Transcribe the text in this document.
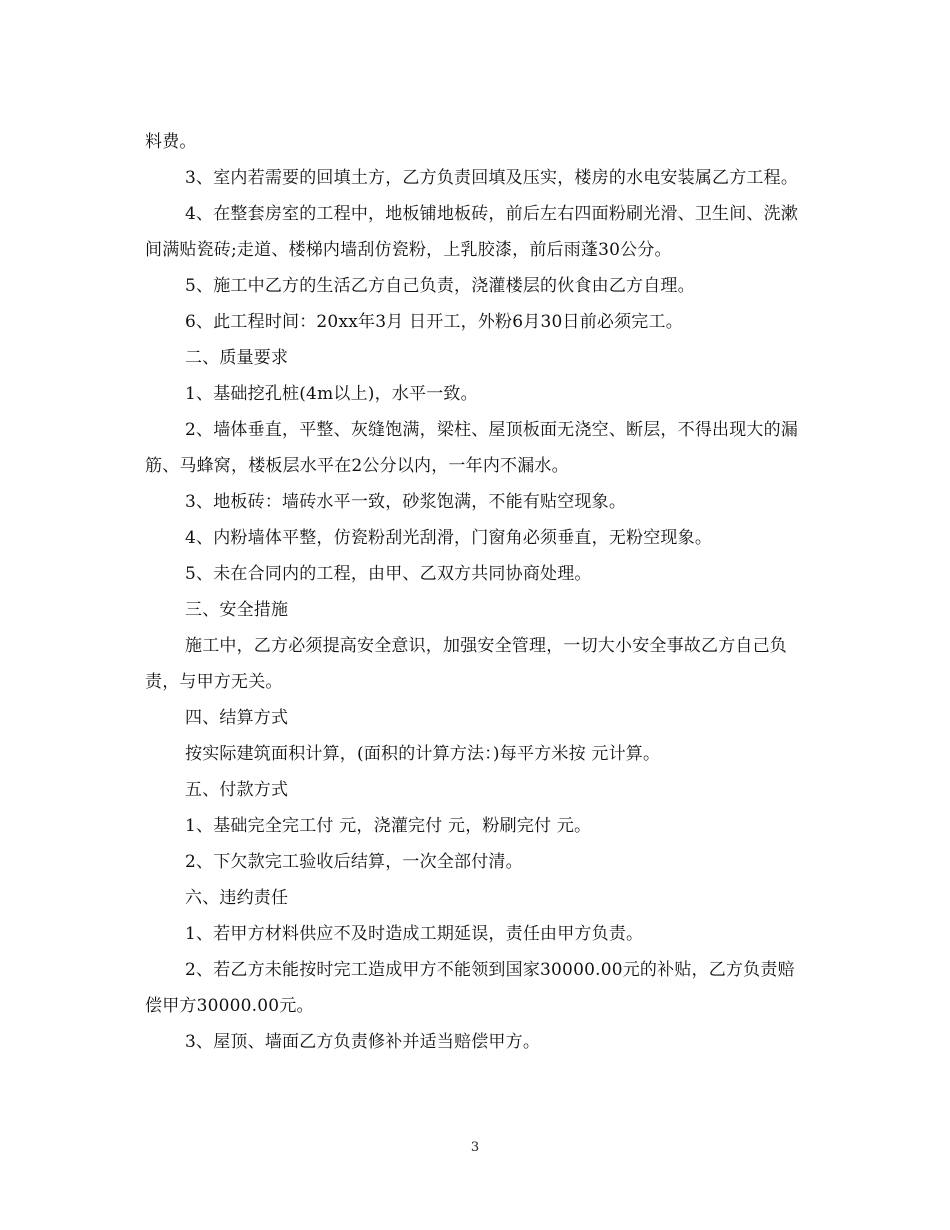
料费。

3、室内若需要的回填土方，乙方负责回填及压实，楼房的水电安装属乙方工程。

4、在整套房室的工程中，地板铺地板砖，前后左右四面粉刷光滑、卫生间、洗漱间满贴瓷砖;走道、楼梯内墙刮仿瓷粉，上乳胶漆，前后雨蓬30公分。

5、施工中乙方的生活乙方自己负责，浇灌楼层的伙食由乙方自理。

6、此工程时间：20xx年3月 日开工，外粉6月30日前必须完工。

二、质量要求

1、基础挖孔桩(4m以上)，水平一致。

2、墙体垂直，平整、灰缝饱满，梁柱、屋顶板面无浇空、断层，不得出现大的漏筋、马蜂窝，楼板层水平在2公分以内，一年内不漏水。

3、地板砖：墙砖水平一致，砂浆饱满，不能有贴空现象。

4、内粉墙体平整，仿瓷粉刮光刮滑，门窗角必须垂直，无粉空现象。

5、未在合同内的工程，由甲、乙双方共同协商处理。

三、安全措施

施工中，乙方必须提高安全意识，加强安全管理，一切大小安全事故乙方自己负责，与甲方无关。

四、结算方式

按实际建筑面积计算，(面积的计算方法：)每平方米按 元计算。

五、付款方式

1、基础完全完工付 元，浇灌完付 元，粉刷完付 元。

2、下欠款完工验收后结算，一次全部付清。

六、违约责任

1、若甲方材料供应不及时造成工期延误，责任由甲方负责。

2、若乙方未能按时完工造成甲方不能领到国家30000.00元的补贴，乙方负责赔偿甲方30000.00元。

3、屋顶、墙面乙方负责修补并适当赔偿甲方。

3
